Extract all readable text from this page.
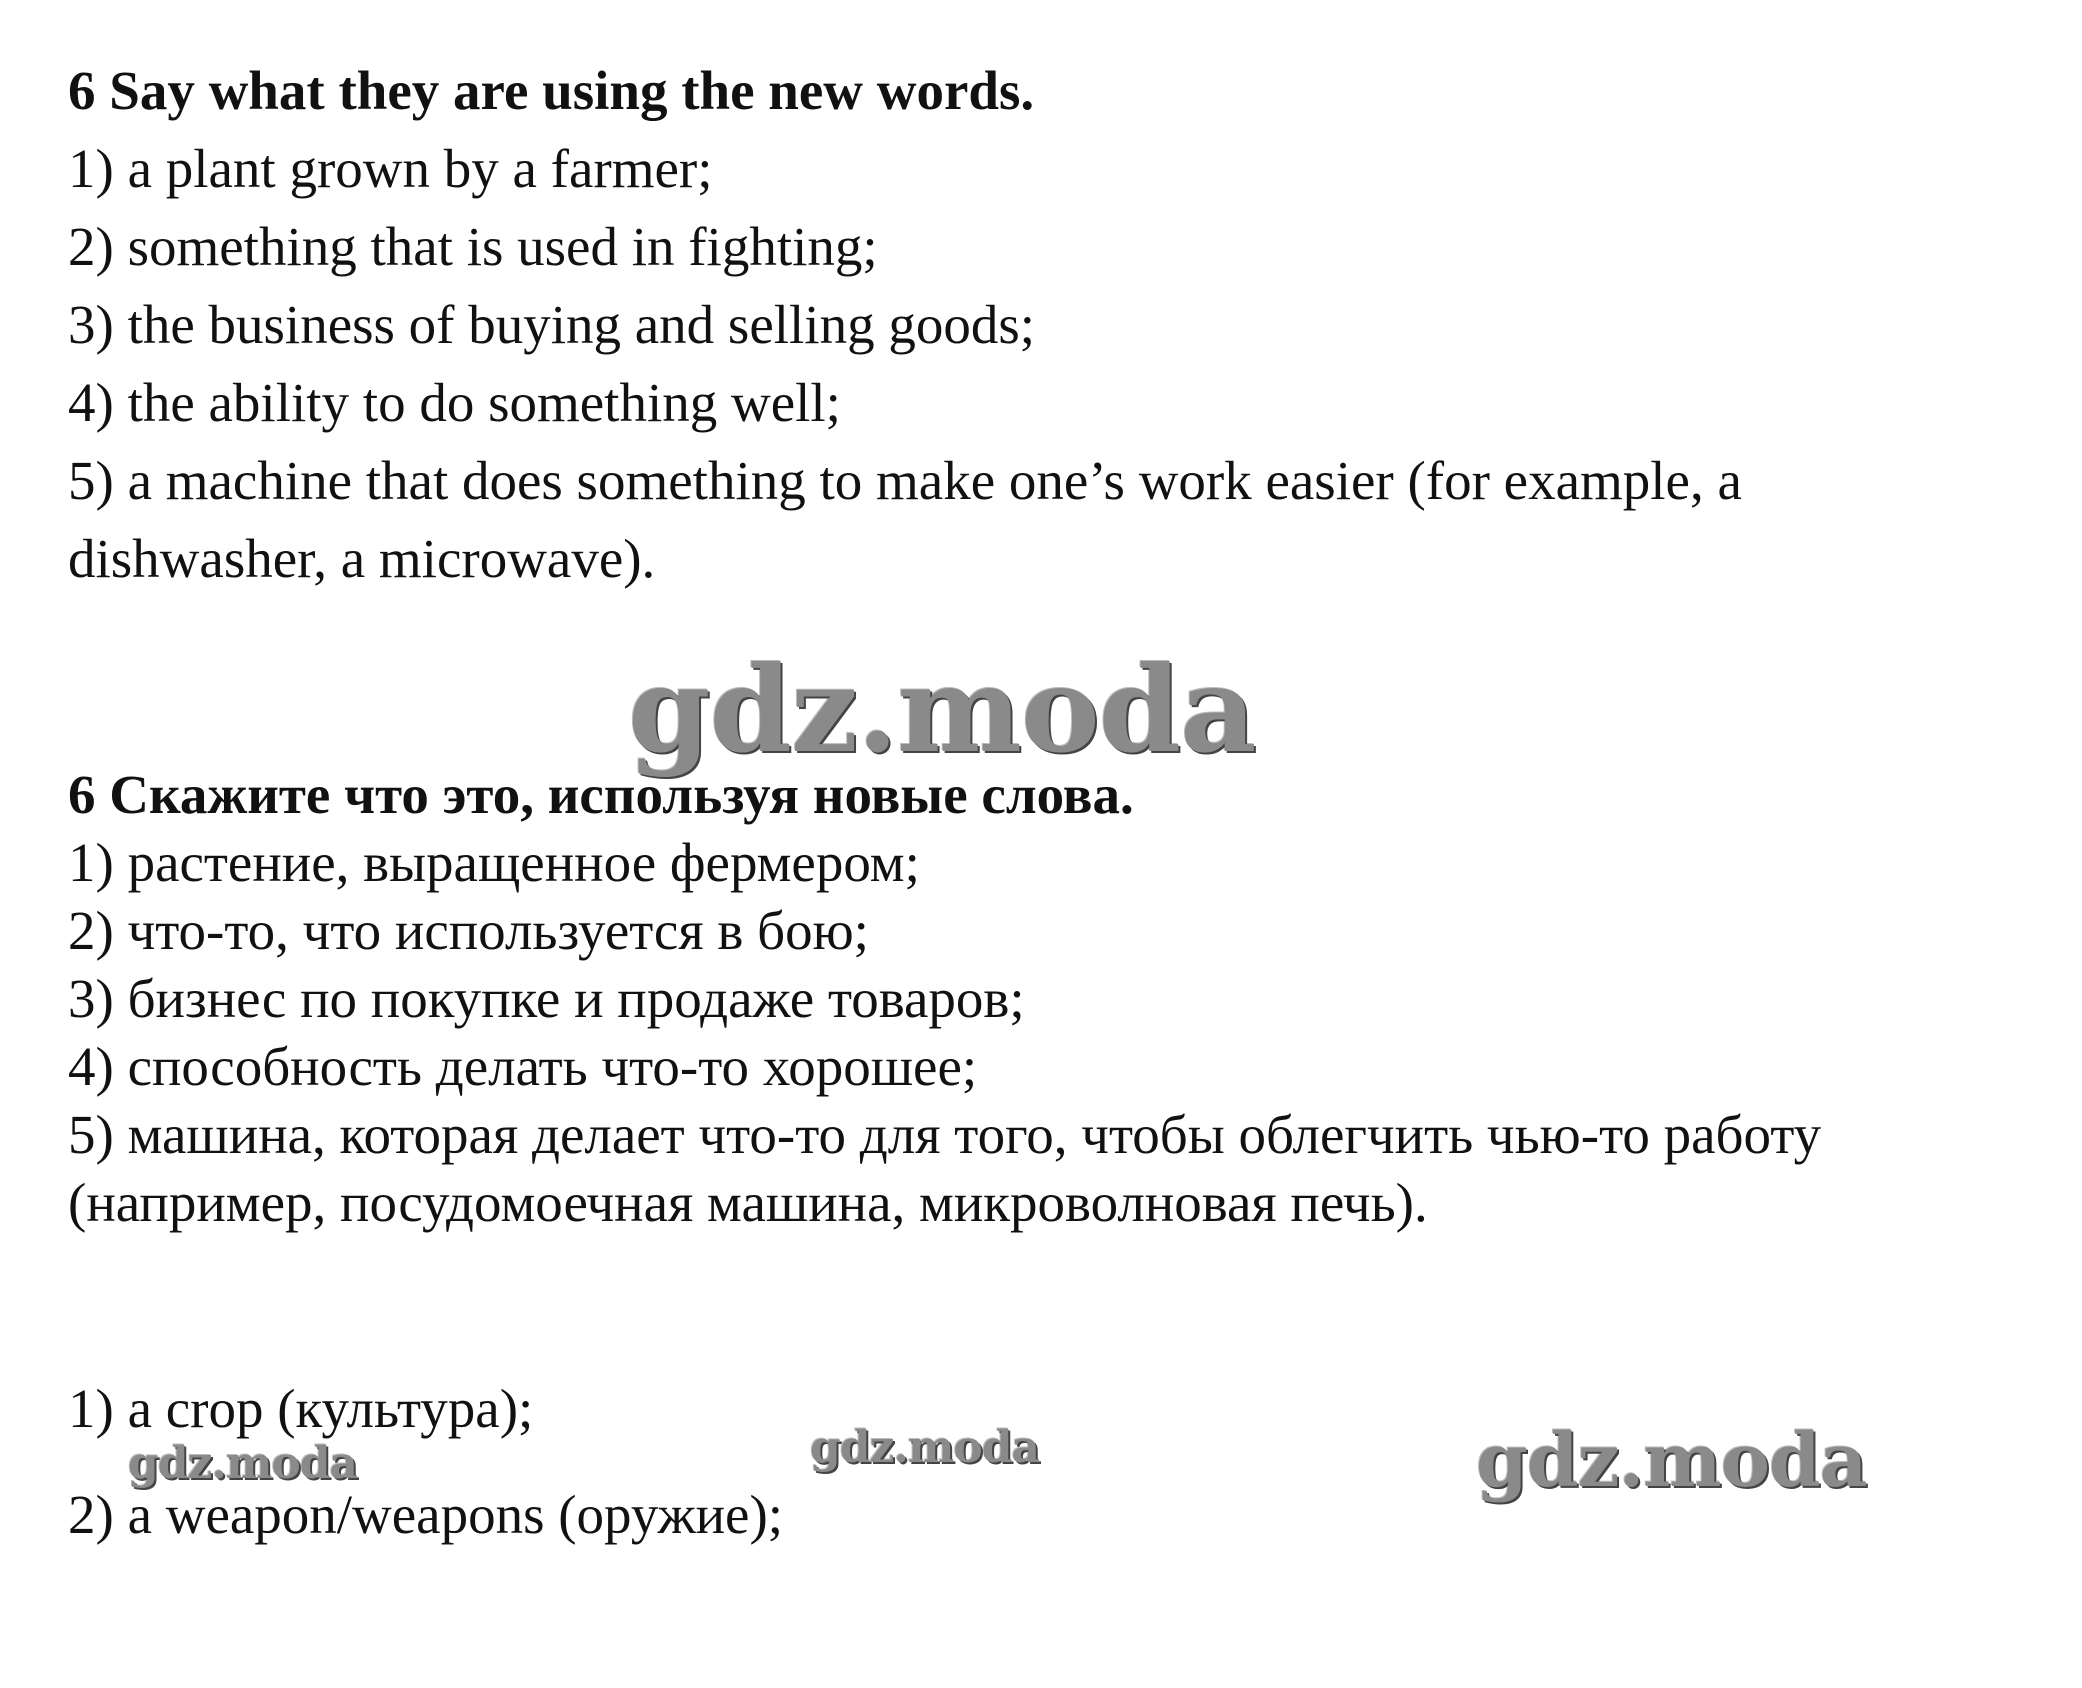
6 Say what they are using the new words.

1) a plant grown by a farmer;

2) something that is used in fighting;

3) the business of buying and selling goods;

4) the ability to do something well;

5) a machine that does something to make one’s work easier (for example, a dishwasher, a microwave).

gdz.moda

6 Скажите что это, используя новые слова.

1) растение, выращенное фермером;

2) что-то, что используется в бою;

3) бизнес по покупке и продаже товаров;

4) способность делать что-то хорошее;

5) машина, которая делает что-то для того, чтобы облегчить чью-то работу (например, посудомоечная машина, микроволновая печь).

1) a crop (культура);

2) a weapon/weapons (оружие);

gdz.moda	gdz.moda	gdz.moda
